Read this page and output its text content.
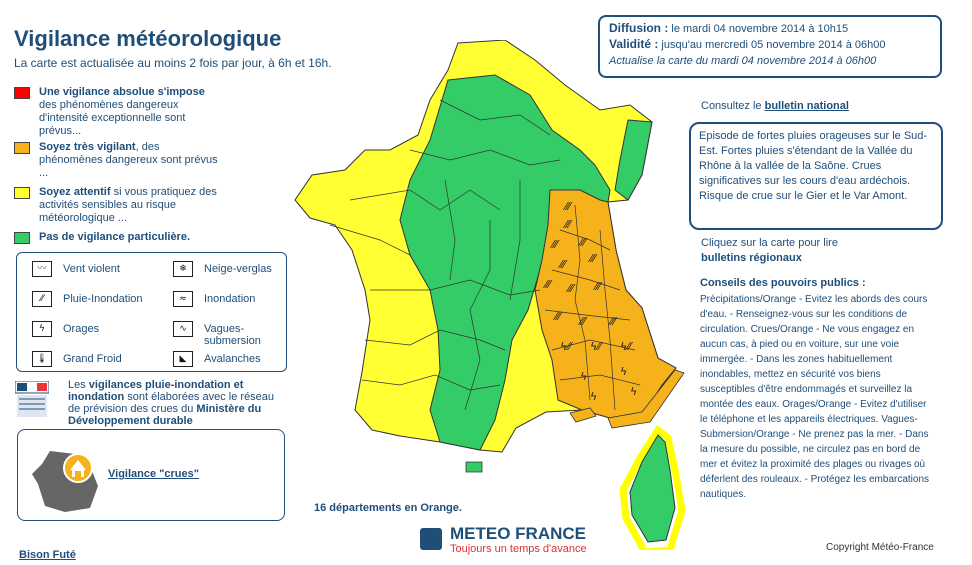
Vigilance météorologique
La carte est actualisée au moins 2 fois par jour, à 6h et 16h.
Une vigilance absolue s'impose
des phénomènes dangereux d'intensité exceptionnelle sont prévus...
Soyez très vigilant, des phénomènes dangereux sont prévus ...
Soyez attentif si vous pratiquez des activités sensibles au risque météorologique ...
Pas de vigilance particulière.
〰	Vent violent	❄	Neige-verglas
⁄⁄	Pluie-Inondation	≈	Inondation
ϟ	Orages	∿	Vagues-submersion
🌡	Grand Froid	◣	Avalanches
Les vigilances pluie-inondation et inondation sont élaborées avec le réseau de prévision des crues du Ministère du Développement durable
Vigilance "crues"
Bison Futé
⁄⁄⁄
⁄⁄⁄
⁄⁄⁄ ⁄⁄⁄
⁄⁄⁄ ⁄⁄⁄
⁄⁄⁄ ⁄⁄⁄ ⁄⁄⁄
⁄⁄⁄ ⁄⁄⁄ ⁄⁄⁄
ϟ⁄⁄ ϟ⁄⁄ ϟ⁄⁄
ϟ	ϟ
ϟ
ϟ
16 départements en Orange.
METEO FRANCE
Toujours un temps d'avance
Diffusion : le mardi 04 novembre 2014 à 10h15
Validité : jusqu'au mercredi 05 novembre 2014 à 06h00
Actualise la carte du mardi 04 novembre 2014 à 06h00
Consultez le bulletin national
Episode de fortes pluies orageuses sur le Sud-Est. Fortes pluies s'étendant de la Vallée du Rhône à la vallée de la Saône. Crues significatives sur les cours d'eau ardéchois. Risque de crue sur le Gier et le Var Amont.
Cliquez sur la carte pour lire
bulletins régionaux
Conseils des pouvoirs publics :
Précipitations/Orange - Evitez les abords des cours d'eau. - Renseignez-vous sur les conditions de circulation. Crues/Orange - Ne vous engagez en aucun cas, à pied ou en voiture, sur une voie immergée. - Dans les zones habituellement inondables, mettez en sécurité vos biens susceptibles d'être endommagés et surveillez la montée des eaux. Orages/Orange - Evitez d'utiliser le téléphone et les appareils électriques. Vagues-Submersion/Orange - Ne prenez pas la mer. - Dans la mesure du possible, ne circulez pas en bord de mer et évitez la proximité des plages ou rivages où déferlent des rouleaux. - Protégez les embarcations nautiques.
Copyright Météo-France
